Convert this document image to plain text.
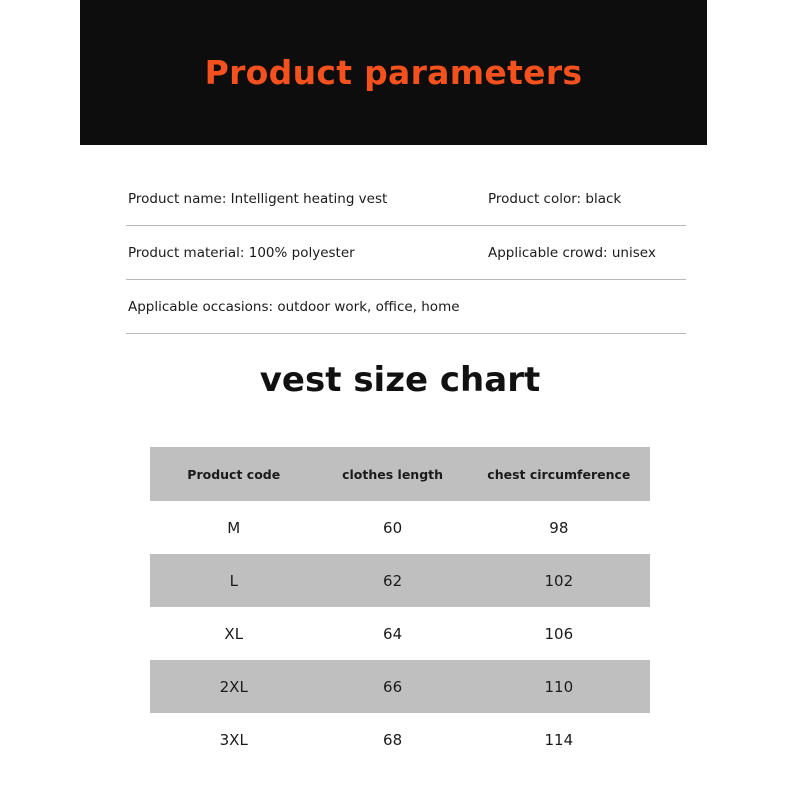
Product parameters
Product name: Intelligent heating vest	Product color: black
Product material: 100% polyester	Applicable crowd: unisex
Applicable occasions: outdoor work, office, home
vest size chart
Product code	clothes length	chest circumference
M	60	98
L	62	102
XL	64	106
2XL	66	110
3XL	68	114
